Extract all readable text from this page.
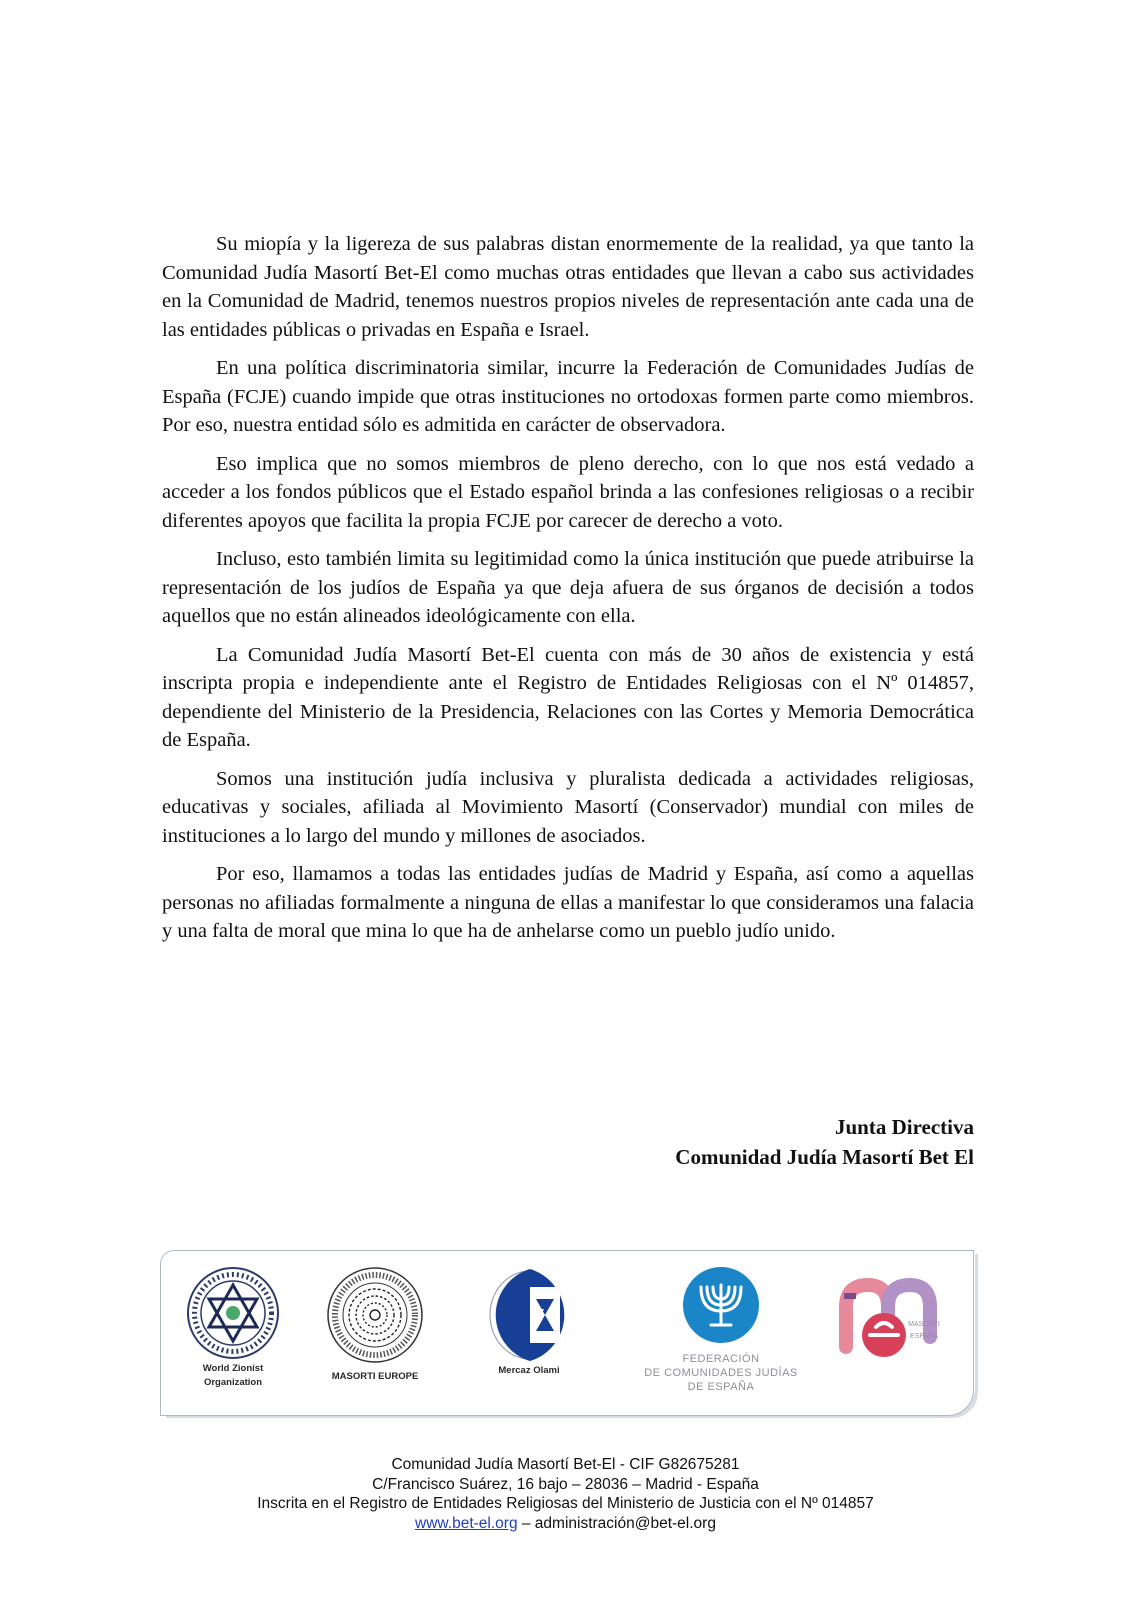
Su miopía y la ligereza de sus palabras distan enormemente de la realidad, ya que tanto la Comunidad Judía Masortí Bet-El como muchas otras entidades que llevan a cabo sus actividades en la Comunidad de Madrid, tenemos nuestros propios niveles de representación ante cada una de las entidades públicas o privadas en España e Israel.

En una política discriminatoria similar, incurre la Federación de Comunidades Judías de España (FCJE) cuando impide que otras instituciones no ortodoxas formen parte como miembros. Por eso, nuestra entidad sólo es admitida en carácter de observadora.

Eso implica que no somos miembros de pleno derecho, con lo que nos está vedado a acceder a los fondos públicos que el Estado español brinda a las confesiones religiosas o a recibir diferentes apoyos que facilita la propia FCJE por carecer de derecho a voto.

Incluso, esto también limita su legitimidad como la única institución que puede atribuirse la representación de los judíos de España ya que deja afuera de sus órganos de decisión a todos aquellos que no están alineados ideológicamente con ella.

La Comunidad Judía Masortí Bet-El cuenta con más de 30 años de existencia y está inscripta propia e independiente ante el Registro de Entidades Religiosas con el Nº 014857, dependiente del Ministerio de la Presidencia, Relaciones con las Cortes y Memoria Democrática de España.

Somos una institución judía inclusiva y pluralista dedicada a actividades religiosas, educativas y sociales, afiliada al Movimiento Masortí (Conservador) mundial con miles de instituciones a lo largo del mundo y millones de asociados.

Por eso, llamamos a todas las entidades judías de Madrid y España, así como a aquellas personas no afiliadas formalmente a ninguna de ellas a manifestar lo que consideramos una falacia y una falta de moral que mina lo que ha de anhelarse como un pueblo judío unido.

Junta Directiva
Comunidad Judía Masortí Bet El
World Zionist
Organization
MASORTI EUROPE
Mercaz Olami
FEDERACIÓN
DE COMUNIDADES JUDÍAS
DE ESPAÑA
MASORTI ESPAÑA
Comunidad Judía Masortí Bet-El - CIF G82675281
C/Francisco Suárez, 16 bajo – 28036 – Madrid - España
Inscrita en el Registro de Entidades Religiosas del Ministerio de Justicia con el Nº 014857
www.bet-el.org – administración@bet-el.org
